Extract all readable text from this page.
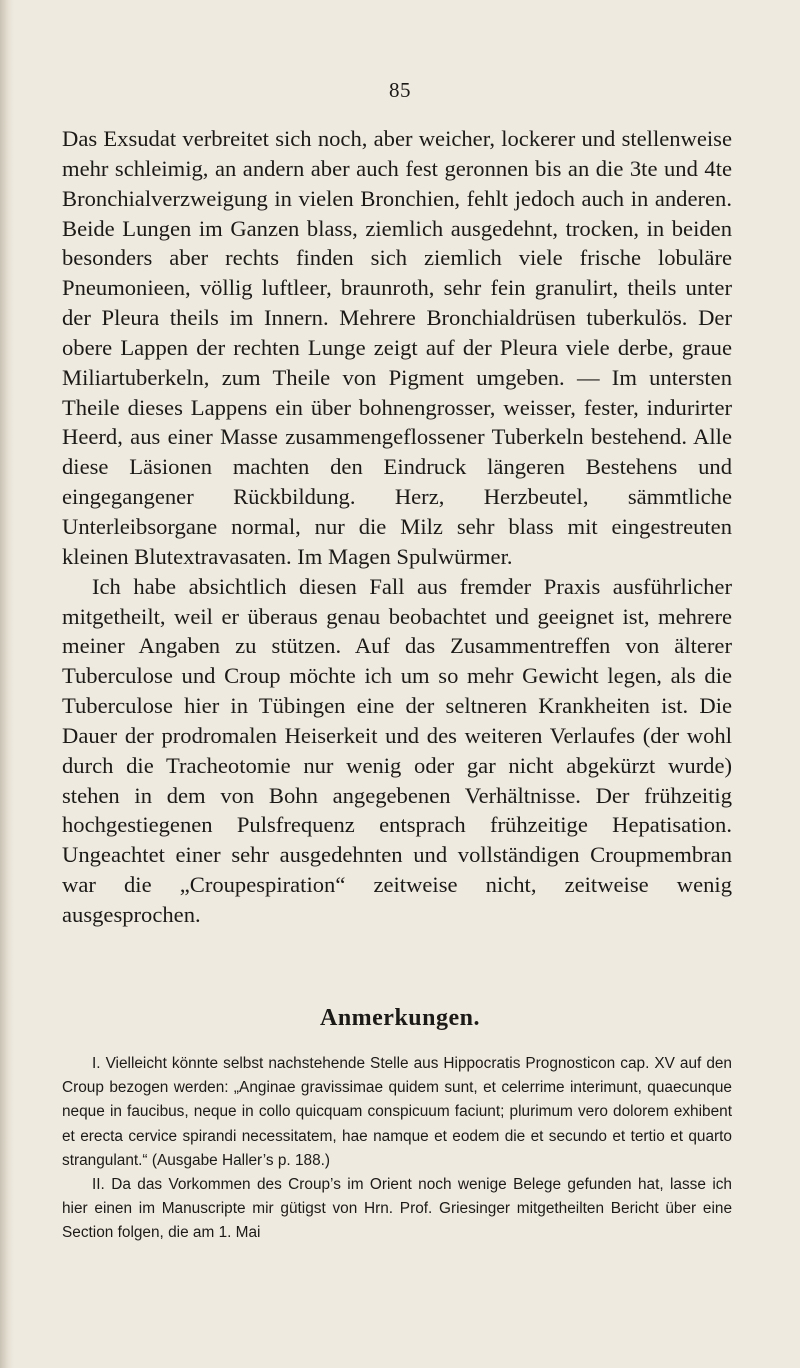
85

Das Exsudat verbreitet sich noch, aber weicher, lockerer und stellenweise mehr schleimig, an andern aber auch fest geronnen bis an die 3te und 4te Bronchialverzweigung in vielen Bronchien, fehlt jedoch auch in anderen. Beide Lungen im Ganzen blass, ziemlich ausgedehnt, trocken, in beiden besonders aber rechts finden sich ziemlich viele frische lobuläre Pneumonieen, völlig luftleer, braunroth, sehr fein granulirt, theils unter der Pleura theils im Innern. Mehrere Bronchialdrüsen tuberkulös. Der obere Lappen der rechten Lunge zeigt auf der Pleura viele derbe, graue Miliartuberkeln, zum Theile von Pigment umgeben. — Im untersten Theile dieses Lappens ein über bohnengrosser, weisser, fester, indurirter Heerd, aus einer Masse zusammengeflossener Tuberkeln bestehend. Alle diese Läsionen machten den Eindruck längeren Bestehens und eingegangener Rückbildung. Herz, Herzbeutel, sämmtliche Unterleibsorgane normal, nur die Milz sehr blass mit eingestreuten kleinen Blutextravasaten. Im Magen Spulwürmer.

Ich habe absichtlich diesen Fall aus fremder Praxis ausführlicher mitgetheilt, weil er überaus genau beobachtet und geeignet ist, mehrere meiner Angaben zu stützen. Auf das Zusammentreffen von älterer Tuberculose und Croup möchte ich um so mehr Gewicht legen, als die Tuberculose hier in Tübingen eine der seltneren Krankheiten ist. Die Dauer der prodromalen Heiserkeit und des weiteren Verlaufes (der wohl durch die Tracheotomie nur wenig oder gar nicht abgekürzt wurde) stehen in dem von Bohn angegebenen Verhältnisse. Der frühzeitig hochgestiegenen Pulsfrequenz entsprach frühzeitige Hepatisation. Ungeachtet einer sehr ausgedehnten und vollständigen Croupmembran war die „Croupespiration“ zeitweise nicht, zeitweise wenig ausgesprochen.

Anmerkungen.

I. Vielleicht könnte selbst nachstehende Stelle aus Hippocratis Prognosticon cap. XV auf den Croup bezogen werden: „Anginae gravissimae quidem sunt, et celerrime interimunt, quaecunque neque in faucibus, neque in collo quicquam conspicuum faciunt; plurimum vero dolorem exhibent et erecta cervice spirandi necessitatem, hae namque et eodem die et secundo et tertio et quarto strangulant.“ (Ausgabe Haller’s p. 188.)

II. Da das Vorkommen des Croup’s im Orient noch wenige Belege gefunden hat, lasse ich hier einen im Manuscripte mir gütigst von Hrn. Prof. Griesinger mitgetheilten Bericht über eine Section folgen, die am 1. Mai
